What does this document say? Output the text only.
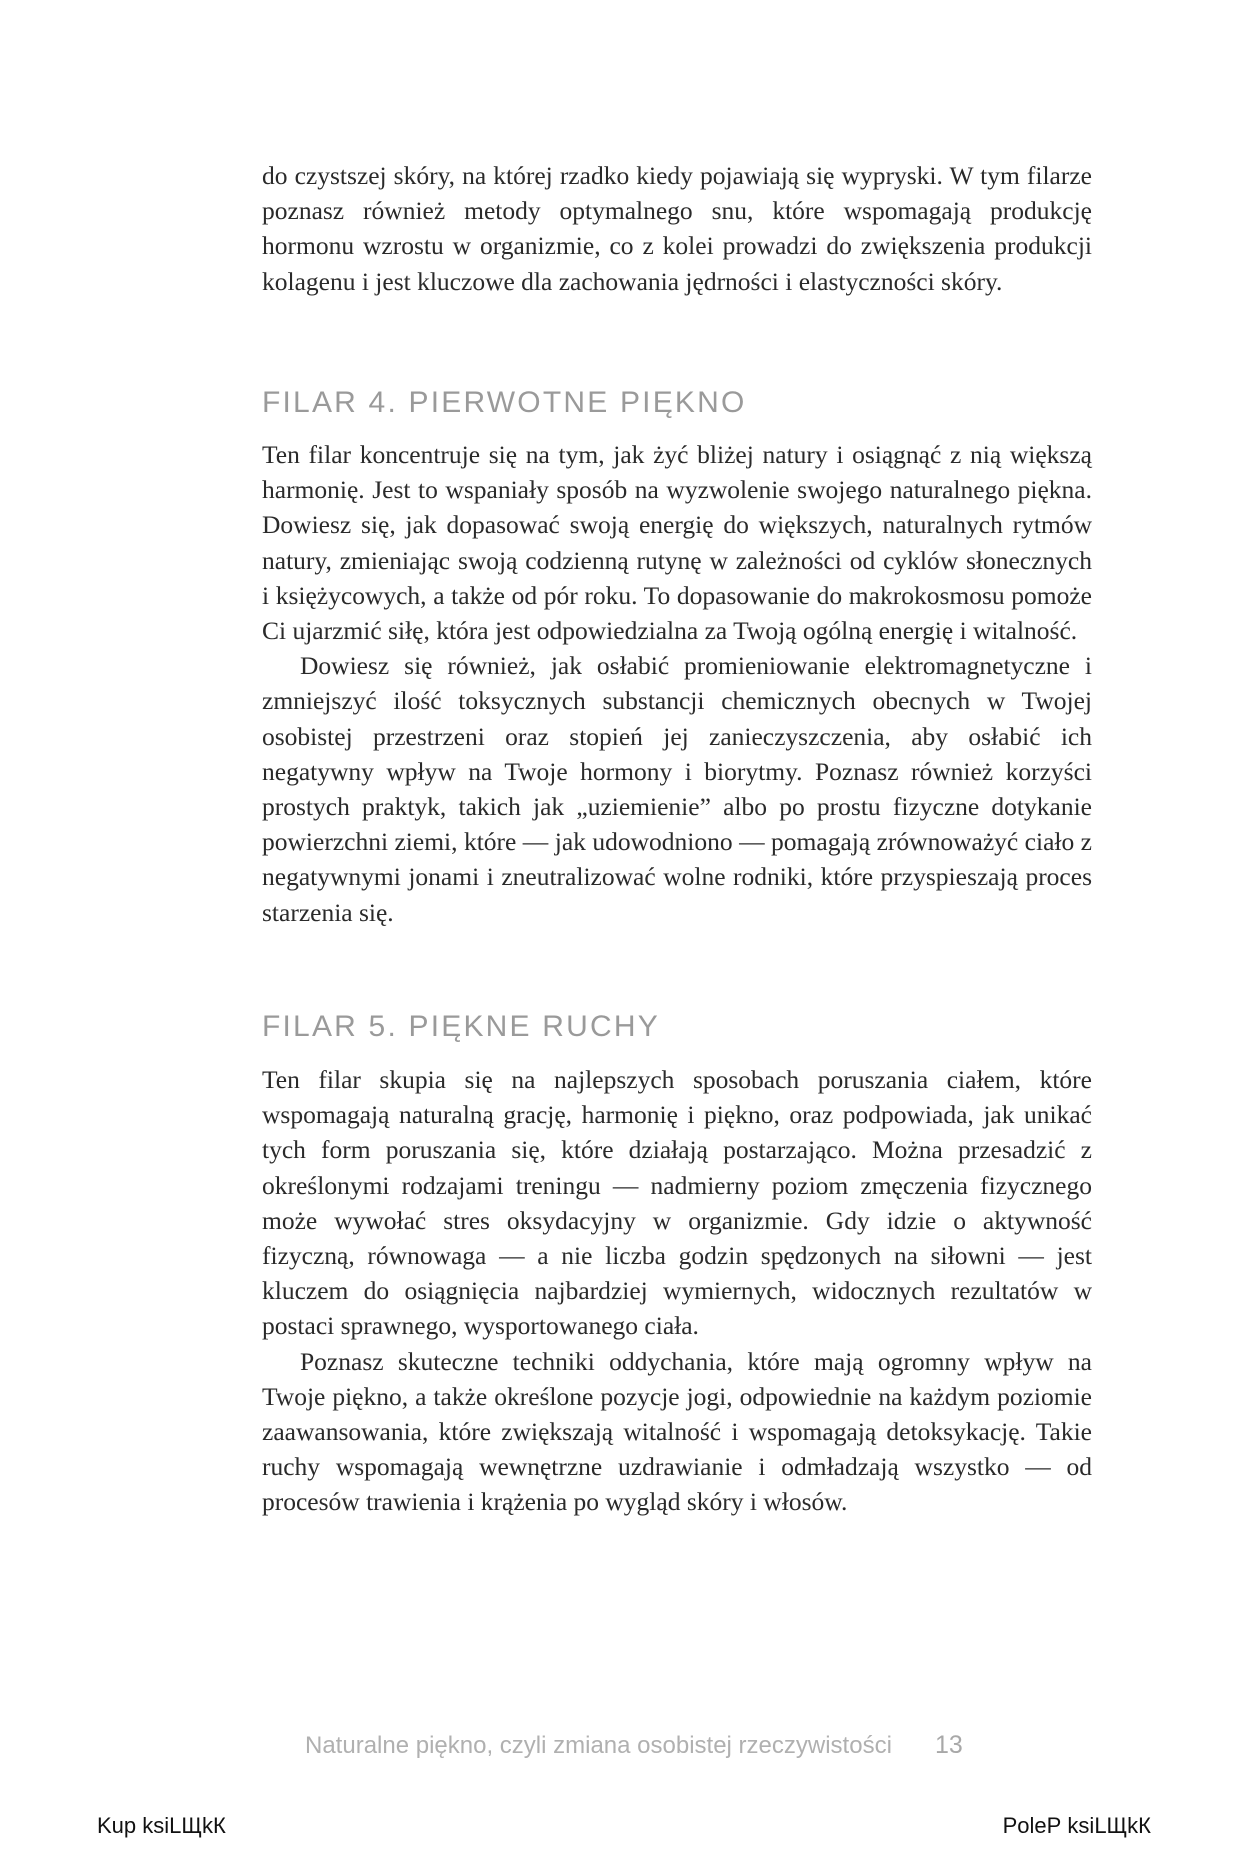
do czystszej skóry, na której rzadko kiedy pojawiają się wypryski. W tym filarze poznasz również metody optymalnego snu, które wspomagają produkcję hormonu wzrostu w organizmie, co z kolei prowadzi do zwiększenia produkcji kolagenu i jest kluczowe dla zachowania jędrności i elastyczności skóry.

FILAR 4. PIERWOTNE PIĘKNO

Ten filar koncentruje się na tym, jak żyć bliżej natury i osiągnąć z nią większą harmonię. Jest to wspaniały sposób na wyzwolenie swojego naturalnego piękna. Dowiesz się, jak dopasować swoją energię do większych, naturalnych rytmów natury, zmieniając swoją codzienną rutynę w zależności od cyklów słonecznych i księżycowych, a także od pór roku. To dopasowanie do makrokosmosu pomoże Ci ujarzmić siłę, która jest odpowiedzialna za Twoją ogólną energię i witalność.

Dowiesz się również, jak osłabić promieniowanie elektromagnetyczne i zmniejszyć ilość toksycznych substancji chemicznych obecnych w Twojej osobistej przestrzeni oraz stopień jej zanieczyszczenia, aby osłabić ich negatywny wpływ na Twoje hormony i biorytmy. Poznasz również korzyści prostych praktyk, takich jak „uziemienie” albo po prostu fizyczne dotykanie powierzchni ziemi, które — jak udowodniono — pomagają zrównoważyć ciało z negatywnymi jonami i zneutralizować wolne rodniki, które przyspieszają proces starzenia się.

FILAR 5. PIĘKNE RUCHY

Ten filar skupia się na najlepszych sposobach poruszania ciałem, które wspomagają naturalną grację, harmonię i piękno, oraz podpowiada, jak unikać tych form poruszania się, które działają postarzająco. Można przesadzić z określonymi rodzajami treningu — nadmierny poziom zmęczenia fizycznego może wywołać stres oksydacyjny w organizmie. Gdy idzie o aktywność fizyczną, równowaga — a nie liczba godzin spędzonych na siłowni — jest kluczem do osiągnięcia najbardziej wymiernych, widocznych rezultatów w postaci sprawnego, wysportowanego ciała.

Poznasz skuteczne techniki oddychania, które mają ogromny wpływ na Twoje piękno, a także określone pozycje jogi, odpowiednie na każdym poziomie zaawansowania, które zwiększają witalność i wspomagają detoksykację. Takie ruchy wspomagają wewnętrzne uzdrawianie i odmładzają wszystko — od procesów trawienia i krążenia po wygląd skóry i włosów.

Naturalne piękno, czyli zmiana osobistej rzeczywistości 13
Kup ksiLЩkК	PoleР ksiLЩkК
